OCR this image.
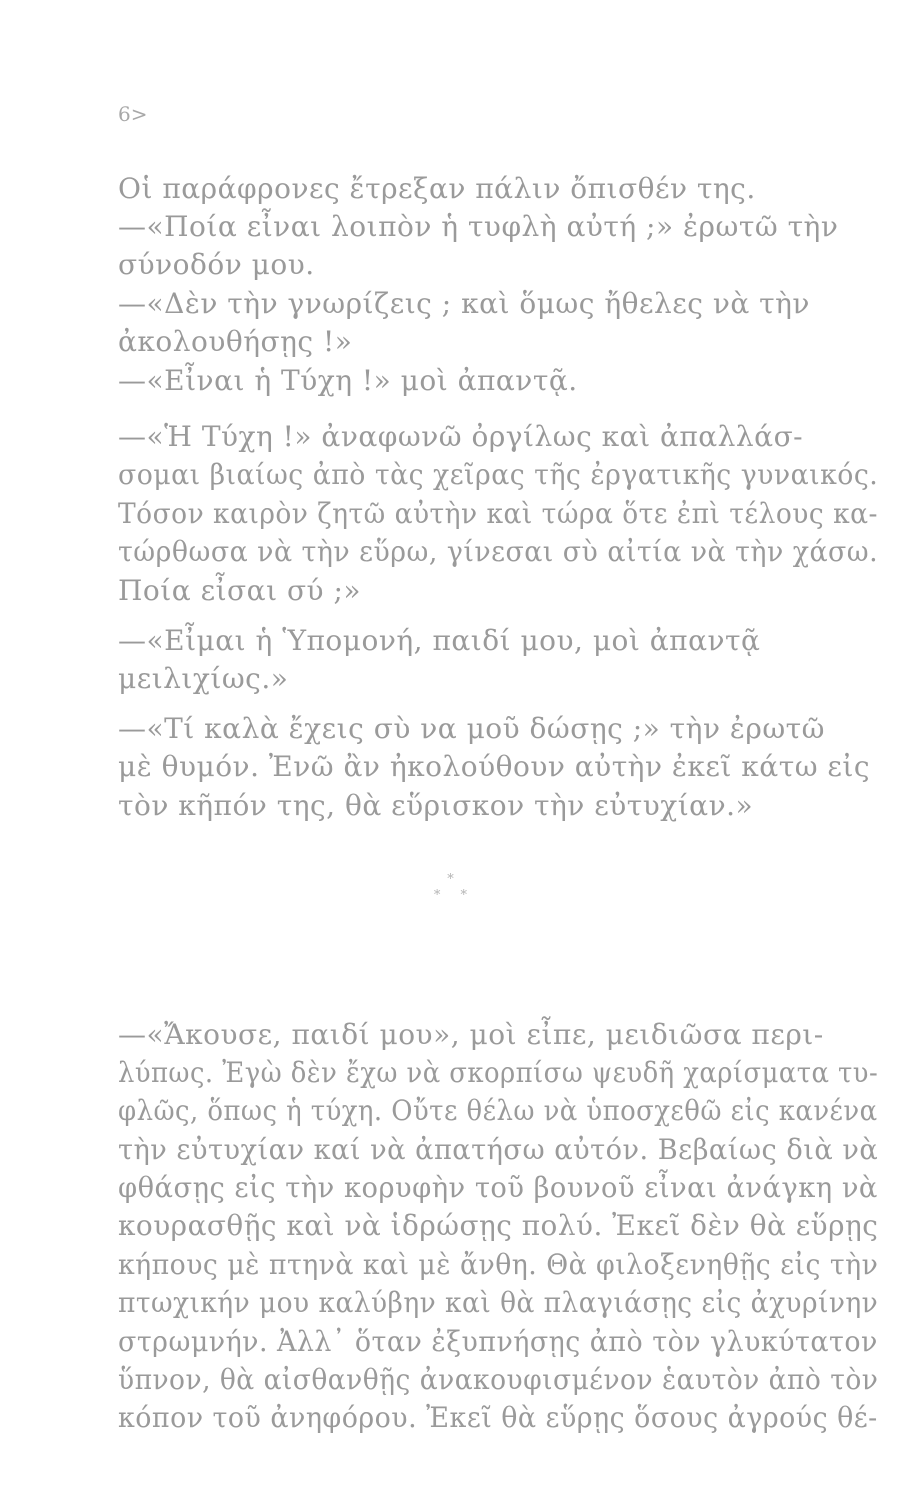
6>
Οἱ παράφρονες ἔτρεξαν πάλιν ὄπισθέν της.
—«Ποία εἶναι λοιπὸν ἡ τυφλὴ αὐτή ;» ἐρωτῶ τὴν
σύνοδόν μου.
—«Δὲν τὴν γνωρίζεις ; καὶ ὅμως ἤθελες νὰ τὴν
ἀκολουθήσῃς !»
—«Εἶναι ἡ Τύχη !» μοὶ ἀπαντᾷ.
—«Ἡ Τύχη !» ἀναφωνῶ ὀργίλως καὶ ἀπαλλάσ-
σομαι βιαίως ἀπὸ τὰς χεῖρας τῆς ἐργατικῆς γυναικός.
Τόσον καιρὸν ζητῶ αὐτὴν καὶ τώρα ὅτε ἐπὶ τέλους κα-
τώρθωσα νὰ τὴν εὕρω, γίνεσαι σὺ αἰτία νὰ τὴν χάσω.
Ποία εἶσαι σύ ;»
—«Εἶμαι ἡ Ὑπομονή, παιδί μου, μοὶ ἀπαντᾷ
μειλιχίως.»
—«Τί καλὰ ἔχεις σὺ να μοῦ δώσῃς ;» τὴν ἐρωτῶ
μὲ θυμόν. Ἐνῶ ἂν ἠκολούθουν αὐτὴν ἐκεῖ κάτω εἰς
τὸν κῆπόν της, θὰ εὕρισκον τὴν εὐτυχίαν.»
*
* *
—«Ἄκουσε, παιδί μου», μοὶ εἶπε, μειδιῶσα περι-
λύπως. Ἐγὼ δὲν ἔχω νὰ σκορπίσω ψευδῆ χαρίσματα τυ-
φλῶς, ὅπως ἡ τύχη. Οὔτε θέλω νὰ ὑποσχεθῶ εἰς κανένα
τὴν εὐτυχίαν καί νὰ ἀπατήσω αὐτόν. Βεβαίως διὰ νὰ
φθάσῃς εἰς τὴν κορυφὴν τοῦ βουνοῦ εἶναι ἀνάγκη νὰ
κουρασθῇς καὶ νὰ ἱδρώσῃς πολύ. Ἐκεῖ δὲν θὰ εὕρῃς
κήπους μὲ πτηνὰ καὶ μὲ ἄνθη. Θὰ φιλοξενηθῇς εἰς τὴν
πτωχικήν μου καλύβην καὶ θὰ πλαγιάσῃς εἰς ἀχυρίνην
στρωμνήν. Ἀλλ᾽ ὅταν ἐξυπνήσῃς ἀπὸ τὸν γλυκύτατον
ὕπνον, θὰ αἰσθανθῇς ἀνακουφισμένον ἑαυτὸν ἀπὸ τὸν
κόπον τοῦ ἀνηφόρου. Ἐκεῖ θὰ εὕρῃς ὅσους ἀγρούς θέ-
